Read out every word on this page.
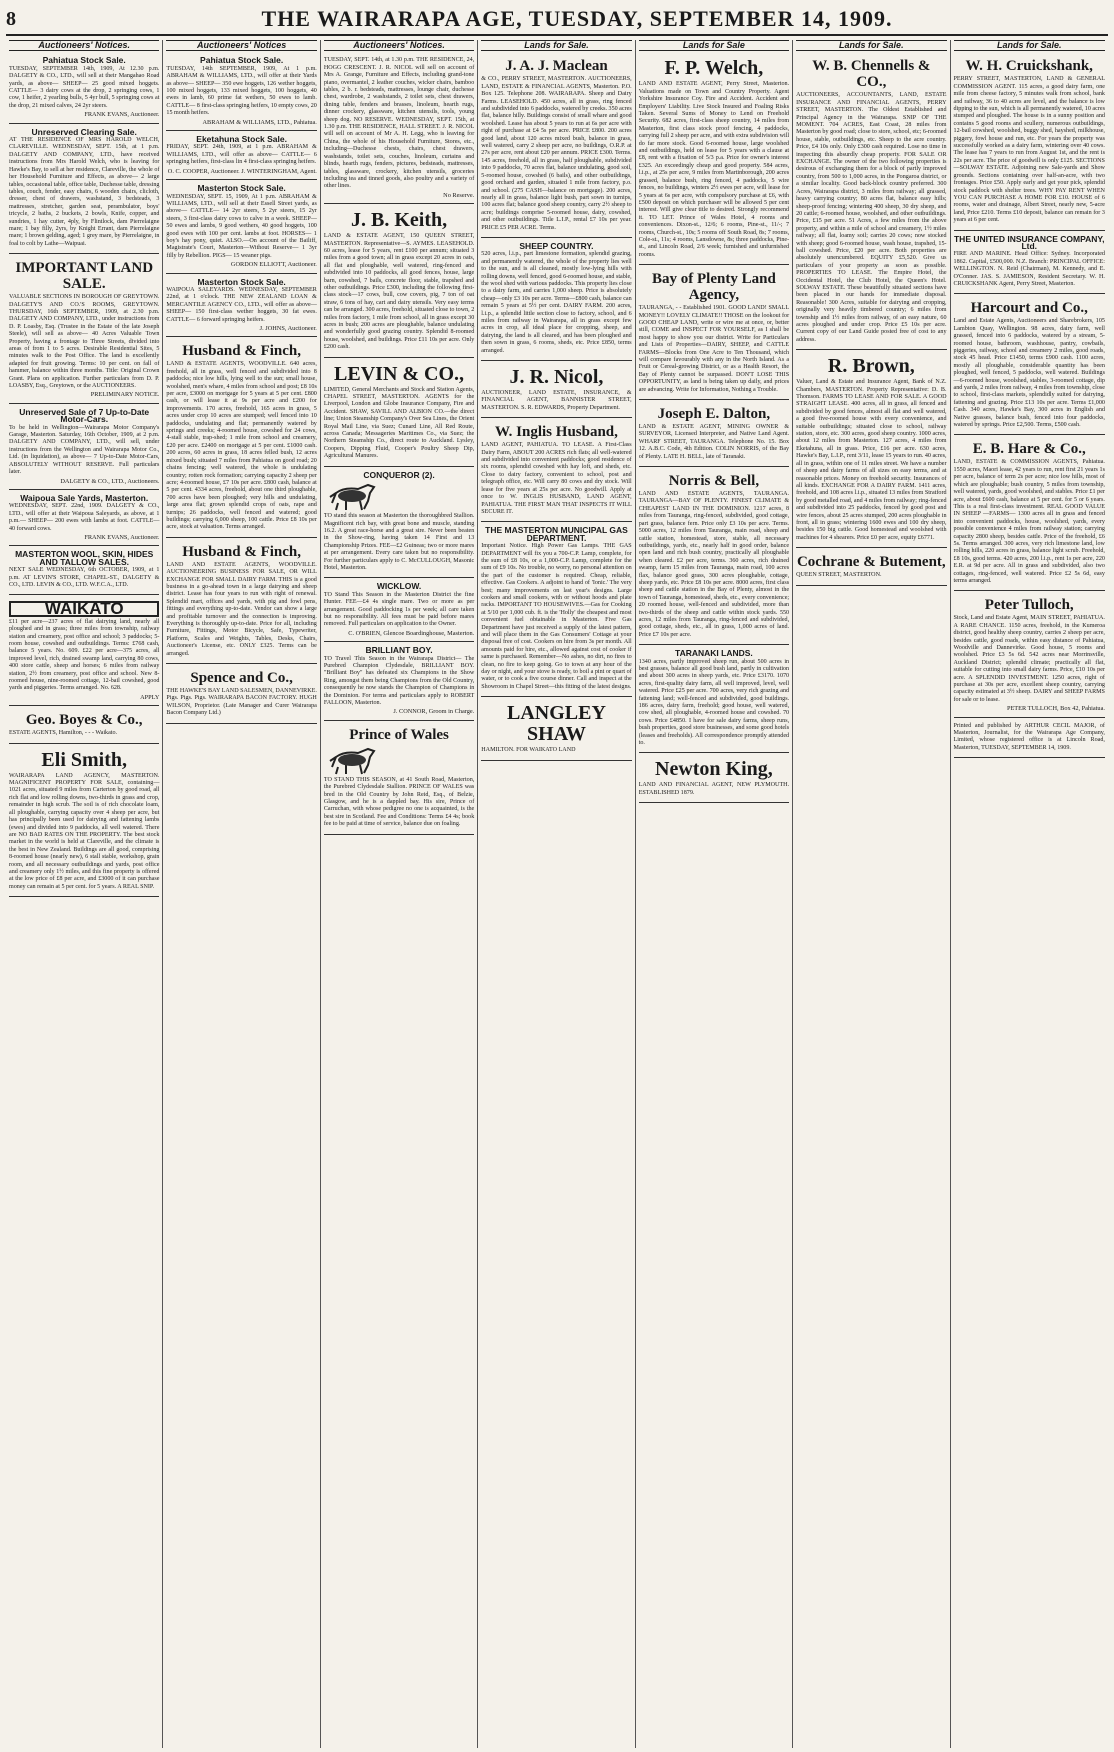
8	THE WAIRARAPA AGE, TUESDAY, SEPTEMBER 14, 1909.
Auctioneers' Notices.
Pahiatua Stock Sale.

TUESDAY, SEPTEMBER 14th, 1909, At 12.30 p.m. DALGETY & CO., LTD., will sell at their Mangahao Road yards, as above— SHEEP— 25 good mixed hoggets. CATTLE— 3 dairy cows at the drop, 2 springing cows, 1 cow, 1 heifer, 2 yearling bulls, 5 4yr bull, 5 springing cows at the drop, 21 mixed calves, 24 2yr steers.

FRANK EVANS, Auctioneer.
Unreserved Clearing Sale.

AT THE RESIDENCE OF MRS HAROLD WELCH, CLAREVILLE. WEDNESDAY, SEPT. 15th, at 1 p.m. DALGETY AND COMPANY, LTD., have received instructions from Mrs Harold Welch, who is leaving for Hawke's Bay, to sell at her residence, Clareville, the whole of her Household Furniture and Effects, as above— 2 large tables, occasional table, office table, Duchesse table, dressing tables, couch, fender, easy chairs, 6 wooden chairs, clicloth, dresser, chest of drawers, washstand, 3 bedsteads, 3 mattresses, stretcher, garden seat, perambulator, boys' tricycle, 2 baths, 2 buckets, 2 bowls, Knife, copper, and sundries, 1 hay cutter, 4ply, by Flintlock, dam Pierrelaigne mare; 1 bay filly, 2yrs, by Knight Errant, dam Pierrelaigne mare; 1 brown gelding, aged; 1 grey mare, by Pierrelaigne, in foal to colt by Lathe—Waipuai.

IMPORTANT LAND SALE.

VALUABLE SECTIONS IN BOROUGH OF GREYTOWN. DALGETY'S AND CO.'S ROOMS, GREYTOWN. THURSDAY, 16th SEPTEMBER, 1909, at 2.30 p.m. DALGETY AND COMPANY, LTD., under instructions from D. P. Loasby, Esq. (Trustee in the Estate of the late Joseph Steele), will sell as above— 40 Acres Valuable Town Property, having a frontage to Three Streets, divided into areas of from 1 to 5 acres. Desirable Residential Sites, 5 minutes walk to the Post Office. The land is excellently adapted for fruit growing. Terms: 10 per cent. on fall of hammer, balance within three months. Title: Original Crown Grant. Plans on application. Further particulars from D. P. LOASBY, Esq., Greytown, or the AUCTIONEERS.

PRELIMINARY NOTICE.
Unreserved Sale of 7 Up-to-Date Motor-Cars.

To be held in Wellington—Wairarapa Motor Company's Garage, Masterton. Saturday, 16th October, 1909, at 2 p.m. DALGETY AND COMPANY, LTD., will sell, under instructions from the Wellington and Wairarapa Motor Co., Ltd. (in liquidation), as above— 7 Up-to-Date Motor-Cars, ABSOLUTELY WITHOUT RESERVE. Full particulars later.

DALGETY & CO., LTD., Auctioneers.
Waipoua Sale Yards, Masterton.

WEDNESDAY, SEPT. 22nd, 1909. DALGETY & CO., LTD., will offer at their Waipoua Saleyards, as above, at 1 p.m.— SHEEP— 200 ewes with lambs at foot. CATTLE— 40 forward cows.

FRANK EVANS, Auctioneer.
MASTERTON WOOL, SKIN, HIDES AND TALLOW SALES.

NEXT SALE WEDNESDAY, 6th OCTOBER, 1909, at 1 p.m. AT LEVIN'S STORE, CHAPEL-ST., DALGETY & CO., LTD. LEVIN & CO., LTD. W.F.C.A., LTD.

WAIKATO

£11 per acre—237 acres of flat dairying land, nearly all ploughed and in grass; three miles from township, railway station and creamery, post office and school; 3 paddocks; 5-room house, cowshed and outbuildings. Terms: £768 cash, balance 5 years. No. 609. £22 per acre—375 acres, all improved level, rich, drained swamp land, carrying 80 cows, 400 store cattle, sheep and horses; 6 miles from railway station, 2½ from creamery, post office and school. New 8-roomed house, nine-roomed cottage, 12-bail cowshed, good yards and piggeries. Terms arranged. No. 628.

APPLY
Geo. Boyes & Co.,

ESTATE AGENTS, Hamilton, - - - Waikato.

Eli Smith,

WAIRARAPA LAND AGENCY, MASTERTON. MAGNIFICENT PROPERTY FOR SALE, containing— 1021 acres, situated 9 miles from Carterton by good road, all rich flat and low rolling downs, two-thirds in grass and crop, remainder in high scrub. The soil is of rich chocolate loam, all ploughable, carrying capacity over 4 sheep per acre, but has principally been used for dairying and fattening lambs (ewes) and divided into 9 paddocks, all well watered. There are NO BAD RATES ON THE PROPERTY. The best stock market in the world is held at Clareville, and the climate is the best in New Zealand. Buildings are all good, comprising 8-roomed house (nearly new), 6 stall stable, workshop, grain room, and all necessary outbuildings and yards, post office and creamery only 1½ miles, and this fine property is offered at the low price of £8 per acre, and £3000 of it can purchase money can remain at 5 per cent. for 5 years. A REAL SNIP.

Auctioneers' Notices
Pahiatua Stock Sale.

TUESDAY, 14th SEPTEMBER, 1909, At 1 p.m. ABRAHAM & WILLIAMS, LTD., will offer at their Yards as above— SHEEP— 350 ewe hoggets, 126 wether hoggets, 100 mixed hoggets, 133 mixed hoggets, 100 hoggets, 40 ewes in lamb, 60 prime fat wethers, 50 ewes to lamb. CATTLE— 8 first-class springing heifers, 10 empty cows, 20 15 month heifers.

ABRAHAM & WILLIAMS, LTD., Pahiatua.
Eketahuna Stock Sale.

FRIDAY, SEPT. 24th, 1909, at 1 p.m. ABRAHAM & WILLIAMS, LTD., will offer as above— CATTLE— 6 springing heifers, first-class lin 4 first-class springing heifers.

O. C. COOPER, Auctioneer. J. WINTERINGHAM, Agent.
Masterton Stock Sale.

WEDNESDAY, SEPT. 15, 1909, At 1 p.m. ABRAHAM & WILLIAMS, LTD., will sell at their Essell Street yards, as above— CATTLE— 14 2yr steers, 5 2yr steers, 15 2yr steers, 3 first-class dairy cows to calve in a week. SHEEP— 50 ewes and lambs, 9 good wethers, 40 good hoggets, 100 good ewes with 100 per cent. lambs at foot. HORSES— 1 boy's hay pony, quiet. ALSO.—On account of the Bailiff, Magistrate's Court, Masterton—Without Reserve— 1 3yr filly by Rebellion. PIGS— 15 weaner pigs.

GORDON ELLIOTT, Auctioneer.
Masterton Stock Sale.

WAIPOUA SALEYARDS. WEDNESDAY, SEPTEMBER 22nd, at 1 o'clock. THE NEW ZEALAND LOAN & MERCANTILE AGENCY CO., LTD., will offer as above— SHEEP— 150 first-class wether hoggets, 30 fat ewes. CATTLE— 6 forward springing heifers.

J. JOHNS, Auctioneer.
Husband & Finch,

LAND & ESTATE AGENTS, WOODVILLE. 640 acres, freehold, all in grass, well fenced and subdivided into 8 paddocks; nice low hills, lying well to the sun; small house, woolshed, men's whare, 4 miles from school and post; £8 10s per acre, £3000 on mortgage for 5 years at 5 per cent. £800 cash, or will lease it at 9s per acre and £200 for improvements. 170 acres, freehold, 165 acres in grass, 5 acres under crop 10 acres are stumped; well fenced into 10 paddocks, undulating and flat; permanently watered by springs and creeks; 4-roomed house, cowshed for 24 cows, 4-stall stable, trap-shed; 1 mile from school and creamery, £20 per acre. £2400 on mortgage at 5 per cent. £1000 cash. 200 acres, 60 acres in grass, 18 acres felled bush, 12 acres mixed bush; situated 7 miles from Pahiatua on good road; 20 chains fencing; well watered, the whole is undulating country; rotten rock formation; carrying capacity 2 sheep per acre; 4-roomed house, £7 10s per acre. £800 cash, balance at 5 per cent. 4334 acres, freehold, about one third ploughable, 700 acres have been ploughed; very hills and undulating, large area flat; grown splendid crops of oats, rape and turnips; 26 paddocks, well fenced and watered; good buildings; carrying 6,000 sheep, 100 cattle. Price £8 10s per acre, stock at valuation. Terms arranged.

Husband & Finch,

LAND AND ESTATE AGENTS, WOODVILLE. AUCTIONEERING BUSINESS FOR SALE, OR WILL EXCHANGE FOR SMALL DAIRY FARM. THIS is a good business in a go-ahead town in a large dairying and sheep district. Lease has four years to run with right of renewal. Splendid mart, offices and yards, with pig and fowl pens, fittings and everything up-to-date. Vendor can show a large and profitable turnover and the connection is improving. Everything is thoroughly up-to-date. Price for all, including Furniture, Fittings, Motor Bicycle, Safe, Typewriter, Platform, Scales and Weights, Tables, Desks, Chairs, Auctioneer's License, etc. ONLY £325. Terms can be arranged.

Spence and Co.,

THE HAWKE'S BAY LAND SALESMEN, DANNEVIRKE. Pigs. Pigs. Pigs. WAIRARAPA BACON FACTORY. HUGH WILSON, Proprietor. (Late Manager and Curer Wairarapa Bacon Company Ltd.)

Auctioneers' Notices.

TUESDAY, SEPT. 14th, at 1.30 p.m. THE RESIDENCE, 24, HOGG CRESCENT. J. R. NICOL will sell on account of Mrs A. Grange, Furniture and Effects, including grand-tone piano, overmantel, 2 leather couches, wicker chairs, bamboo tables, 2 b. r. bedsteads, mattresses, lounge chair, duchesse chest, wardrobe, 2 washstands, 2 toilet sets, chest drawers, dining table, fenders and brasses, linoleum, hearth rugs, dinner crockery, glassware, kitchen utensils, tools, young sheep dog. NO RESERVE. WEDNESDAY, SEPT. 15th, at 1.30 p.m. THE RESIDENCE, HALL STREET. J. R. NICOL will sell on account of Mr A. H. Legg, who is leaving for China, the whole of his Household Furniture, Stores, etc., including—Duchesse chests, chairs, chest drawers, washstands, toilet sets, couches, linoleum, curtains and blinds, hearth rugs, fenders, pictures, bedsteads, mattresses, tables, glassware, crockery, kitchen utensils, groceries including tea and tinned goods, also poultry and a variety of other lines.

No Reserve.
J. B. Keith,

LAND & ESTATE AGENT, 150 QUEEN STREET, MASTERTON. Representative—S. AYMES. LEASEHOLD. 60 acres, lease for 5 years, rent £100 per annum; situated 3 miles from a good town; all in grass except 20 acres in oats, all flat and ploughable, well watered, ring-fenced and subdivided into 10 paddocks, all good fences, house, large barn, cowshed, 7 bails, concrete floor, stable, trapshed and other outbuildings. Price £300, including the following first-class stock—17 cows, bull, cow covers, pig, 7 ton of oat straw, 6 tons of hay, cart and dairy utensils. Very easy terms can be arranged. 300 acres, freehold, situated close to town, 2 miles from factory, 1 mile from school, all in grass except 30 acres in bush; 200 acres are ploughable, balance undulating and wonderfully good grazing country. Splendid 8-roomed house, woolshed, and buildings. Price £11 10s per acre. Only £200 cash.

LEVIN & CO.,

LIMITED, General Merchants and Stock and Station Agents, CHAPEL STREET, MASTERTON. AGENTS for the Liverpool, London and Globe Insurance Company, Fire and Accident. SHAW, SAVILL AND ALBION CO.—the direct line; Union Steamship Company's Over Sea Lines, the Orient Royal Mail Line, via Suez; Cunard Line, All Red Route, across Canada; Messageries Maritimes Co., via Suez; the Northern Steamship Co., direct route to Auckland. Lysley, Coopers, Dipping Fluid, Cooper's Poultry Sheep Dip, Agricultural Manures.

CONQUEROR (2).

TO stand this season at Masterton the thoroughbred Stallion. Magnificent rich bay, with great bone and muscle, standing 16.2. A great race-horse and a great sire. Never been beaten in the Show-ring, having taken 14 First and 13 Championship Prizes. FEE—£2 Guineas; two or more mares at per arrangement. Every care taken but no responsibility. For further particulars apply to C. McCULLOUGH, Masonic Hotel, Masterton.

WICKLOW.

TO Stand This Season in the Masterton District the fine Hunter. FEE—£4 4s single mare. Two or more as per arrangement. Good paddocking 1s per week; all care taken but no responsibility. All fees must be paid before mares removed. Full particulars on application to the Owner.

C. O'BRIEN, Glencoe Boardinghouse, Masterton.
BRILLIANT BOY.

TO Travel This Season in the Wairarapa District— The Purebred Champion Clydesdale, BRILLIANT BOY. "Brilliant Boy" has defeated six Champions in the Show Ring, amongst them being Champions from the Old Country, consequently he now stands the Champion of Champions in the Dominion. For terms and particulars apply to ROBERT FALLOON, Masterton.

J. CONNOR, Groom in Charge.
Prince of Wales

TO STAND THIS SEASON, at 41 South Road, Masterton, the Purebred Clydesdale Stallion. PRINCE OF WALES was bred in the Old Country by John Reid, Esq., of Belzie, Glasgow, and he is a dappled bay. His sire, Prince of Carruchan, with whose pedigree no one is acquainted, is the best sire in Scotland. Fee and Conditions: Terms £4 4s; book fee to be paid at time of service, balance due on foaling.

Lands for Sale.
J. A. J. Maclean

& CO., PERRY STREET, MASTERTON. AUCTIONEERS, LAND, ESTATE & FINANCIAL AGENTS, Masterton. P.O. Box 125. Telephone 208. WAIRARAPA. Sheep and Dairy Farms. LEASEHOLD. 450 acres, all in grass, ring fenced and subdivided into 6 paddocks, watered by creeks. 350 acres flat, balance hilly. Buildings consist of small whare and good woolshed. Lease has about 5 years to run at 6s per acre with right of purchase at £4 5s per acre. PRICE £800. 200 acres good land, about 120 acres mixed bush, balance in grass, well watered, carry 2 sheep per acre, no buildings, O.R.P. at 27s per acre, rent about £20 per annum. PRICE £300. Terms. 145 acres, freehold, all in grass, half ploughable, subdivided into 9 paddocks, 70 acres flat, balance undulating, good soil, 5-roomed house, cowshed (6 bails), and other outbuildings, good orchard and garden, situated 1 mile from factory, p.o. and school. (275 CASH—balance on mortgage). 200 acres, nearly all in grass, balance light bush, part sown in turnips, 100 acres flat; balance good sheep country, carry 2½ sheep to acre; buildings comprise 5-roomed house, dairy, cowshed, and other outbuildings. Title L.I.P., rental £7 10s per year. PRICE £5 PER ACRE. Terms.

SHEEP COUNTRY.

520 acres, l.i.p., part limestone formation, splendid grazing, and permanently watered, the whole of the property lies well to the sun, and is all cleaned, mostly low-lying hills with rolling downs, well fenced, good 6-roomed house, and stable, the wool shed with various paddocks. This property lies close to a dairy farm, and carries 1,000 sheep. Price is absolutely cheap—only £3 10s per acre. Terms—£800 cash, balance can remain 5 years at 5½ per cent. DAIRY FARM. 200 acres, l.i.p., a splendid little section close to factory, school, and 6 miles from railway in Wairarapa, all in grass except few acres in crop, all ideal place for cropping, sheep, and dairying, the land is all cleared, and has been ploughed and then sown in grass, 6 rooms, sheds, etc. Price £850, terms arranged.

J. R. Nicol,

AUCTIONEER, LAND ESTATE, INSURANCE, & FINANCIAL AGENT, BANNISTER STREET, MASTERTON. S. R. EDWARDS, Property Department.

W. Inglis Husband,

LAND AGENT, PAHIATUA. TO LEASE. A First-Class Dairy Farm, ABOUT 200 ACRES rich flats; all well-watered and subdivided into convenient paddocks; good residence of six rooms, splendid cowshed with hay loft, and sheds, etc. Close to dairy factory, convenient to school, post and telegraph office, etc. Will carry 80 cows and dry stock. Will lease for five years at 25s per acre. No goodwill. Apply at once to W. INGLIS HUSBAND, LAND AGENT, PAHIATUA. THE FIRST MAN THAT INSPECTS IT WILL SECURE IT.

THE MASTERTON MUNICIPAL GAS DEPARTMENT.

Important Notice. High Power Gas Lamps. THE GAS DEPARTMENT will fix you a 700-C.P. Lamp, complete, for the sum of £8 10s, or a 1,000-C.P. Lamp, complete for the sum of £9 10s. No trouble, no worry, no personal attention on the part of the customer is required. Cheap, reliable, effective. Gas Cookers. A adjoint to hand of 'Ionic.' The very best; many improvements on last year's designs. Large cookers and small cookers, with or without hoods and plate racks. IMPORTANT TO HOUSEWIVES.—Gas for Cooking at 5/10 per 1,000 cub. ft. is the 'Holly' the cheapest and most convenient fuel obtainable in Masterton. Five Gas Department have just received a supply of the latest pattern, and will place them in the Gas Consumers' Cottage at your disposal free of cost. Cookers on hire from 3s per month. All amounts paid for hire, etc., allowed against cost of cooker if same is purchased. Remember—No ashes, no dirt, no fires to clean, no fire to keep going. Go to town at any hour of the day or night, and your stove is ready, to boil a pint or quart of water, or to cook a five course dinner. Call and inspect at the Showroom in Chapel Street—this fitting of the latest designs.

LANGLEY SHAW

HAMILTON. FOR WAIKATO LAND

Lands for Sale
F. P. Welch,

LAND AND ESTATE AGENT, Perry Street, Masterton. Valuations made on Town and Country Property. Agent Yorkshire Insurance Coy. Fire and Accident. Accident and Employers' Liability. Live Stock Insured and Foaling Risks Taken. Several Sums of Money to Lend on Freehold Security. 682 acres, first-class sheep country, 14 miles from Masterton, first class stock proof fencing, 4 paddocks, carrying full 2 sheep per acre, and with extra subdivision will do far more stock. Good 6-roomed house, large woolshed and outbuildings, held on lease for 5 years with a clause at £8, rent with a fixation of 5/3 p.a. Price for owner's interest £325. An exceedingly cheap and good property. 584 acres, l.i.p., at 25s per acre, 9 miles from Martinborough, 200 acres grassed, balance bush, ring fenced, 4 paddocks, 5 wire fences, no buildings, winters 2½ ewes per acre, will lease for 5 years at 6s per acre, with compulsory purchase at £6, with £500 deposit on which purchaser will be allowed 5 per cent interest. Will give clear title to desired. Strongly recommend it. TO LET. Prince of Wales Hotel, 4 rooms and conveniences. Dixon-st., 12/6; 6 rooms, Pine-st., 11/-; 7 rooms, Church-st., 10s; 5 rooms off South Road, 8s; 7 rooms, Cole-st., 11s; 4 rooms, Lansdowne, 8s; three paddocks, Pine-st., and Lincoln Road, 2/6 week; furnished and unfurnished rooms.

Bay of Plenty Land Agency,

TAURANGA, - - Established 1901. GOOD LAND! SMALL MONEY!! LOVELY CLIMATE!! THOSE on the lookout for GOOD CHEAP LAND, write or wire me at once, or, better still, COME and INSPECT FOR YOURSELF, as I shall be most happy to show you our district. Write for Particulars and Lists of Properties—DAIRY, SHEEP, and CATTLE FARMS—Blocks from One Acre to Ten Thousand, which will compare favourably with any in the North Island. As a Fruit or Cereal-growing District, or as a Health Resort, the Bay of Plenty cannot be surpassed. DON'T LOSE THIS OPPORTUNITY, as land is being taken up daily, and prices are advancing. Write for Information, Nothing a Trouble.

Joseph E. Dalton,

LAND & ESTATE AGENT, MINING OWNER & SURVEYOR, Licensed Interpreter, and Native Land Agent. WHARF STREET, TAURANGA. Telephone No. 15. Box 12. A.B.C. Code, 4th Edition. COLIN NORRIS, of the Bay of Plenty. LATE H. BELL, late of Taranaki.

Norris & Bell,

LAND AND ESTATE AGENTS, TAURANGA. TAURANGA—BAY OF PLENTY. FINEST CLIMATE & CHEAPEST LAND IN THE DOMINION. 1217 acres, 8 miles from Tauranga, ring-fenced, subdivided, good cottage, part grass, balance fern. Price only £3 10s per acre. Terms. 5000 acres, 12 miles from Tauranga, main road, sheep and cattle station, homestead, store, stable, all necessary outbuildings, yards, etc., nearly half in good order, balance open land and rich bush country, practically all ploughable when cleared. £2 per acre, terms. 360 acres, rich drained swamp, farm 15 miles from Tauranga, main road, 100 acres flax, balance good grass, 300 acres ploughable, cottage, sheep yards, etc. Price £8 10s per acre. 8000 acres, first class sheep and cattle station in the Bay of Plenty, almost in the town of Tauranga, homestead, sheds, etc., every convenience; 20 roomed house, well-fenced and subdivided, more than two-thirds of the sheep and cattle within stock yards. 550 acres, 12 miles from Tauranga, ring-fenced and subdivided, good cottage, sheds, etc., all in grass, 1,000 acres of land. Price £7 10s per acre.

TARANAKI LANDS.

1340 acres, partly improved sheep run, about 500 acres in best grasses, balance all good bush land, partly in cultivation and about 300 acres in sheep yards, etc. Price £3170. 1070 acres, first-quality dairy farm, all well improved, level, well watered. Price £25 per acre. 700 acres, very rich grazing and fattening land; well-fenced and subdivided, good buildings. 186 acres, dairy farm, freehold; good house, well watered, cow shed, all ploughable, 4-roomed house and cowshed. 70 cows. Price £4850. I have for sale dairy farms, sheep runs, bush properties, good store businesses, and some good hotels (leases and freeholds). All correspondence promptly attended to.

Newton King,

LAND AND FINANCIAL AGENT, NEW PLYMOUTH. ESTABLISHED 1879.

Lands for Sale.
W. B. Chennells & CO.,

AUCTIONEERS, ACCOUNTANTS, LAND, ESTATE INSURANCE AND FINANCIAL AGENTS, PERRY STREET, MASTERTON. The Oldest Established and Principal Agency in the Wairarapa. SNIP OF THE MOMENT. 704 ACRES, East Coast, 28 miles from Masterton by good road; close to store, school, etc; 6-roomed house, stable, outbuildings, etc. Sheep to the acre country. Price, £4 10s only. Only £300 cash required. Lose no time in inspecting this absurdly cheap property. FOR SALE OR EXCHANGE. The owner of the two following properties is desirous of exchanging them for a block of partly improved country, from 500 to 1,000 acres, in the Pongaroa district, or a similar locality. Good back-block country preferred. 300 Acres, Wairarapa district, 3 miles from railway; all grassed, heavy carrying country; 80 acres flat, balance easy hills; sheep-proof fencing; wintering 400 sheep, 30 dry sheep, and 20 cattle; 6-roomed house, woolshed, and other outbuildings. Price, £15 per acre. 51 Acres, a few miles from the above property, and within a mile of school and creamery, 1½ miles railway; all flat, loamy soil; carries 20 cows; now stocked with sheep; good 6-roomed house, wash house, trapshed, 15-ball cowshed. Price, £20 per acre. Both properties are absolutely unencumbered. EQUITY £5,520. Give us particulars of your property as soon as possible. PROPERTIES TO LEASE. The Empire Hotel, the Occidental Hotel, the Club Hotel, the Queen's Hotel. SOLWAY ESTATE. These beautifully situated sections have been placed in our hands for immediate disposal. Reasonable! 300 Acres, suitable for dairying and cropping, originally very heavily timbered country; 6 miles from township and 1½ miles from railway, of an easy nature, 60 acres ploughed and under crop. Price £5 10s per acre. Current copy of our Land Guide posted free of cost to any address.

R. Brown,

Valuer, Land & Estate and Insurance Agent, Bank of N.Z. Chambers, MASTERTON. Property Representative: D. B. Thomson. FARMS TO LEASE AND FOR SALE. A GOOD STRAIGHT LEASE. 400 acres, all in grass, all fenced and subdivided by good fences, almost all flat and well watered, a good five-roomed house with every convenience, and suitable outbuildings; situated close to school, railway station, store, etc. 300 acres, good sheep country. 1000 acres, about 12 miles from Masterton. 127 acres, 4 miles from Eketahuna, all in grass. Price, £16 per acre. 630 acres, Hawke's Bay, L.I.P., rent 3/11, lease 15 years to run. 40 acres, all in grass, within one of 11 miles street. We have a number of sheep and dairy farms of all sizes on easy terms, and at reasonable prices. Money on freehold security. Insurances of all kinds. EXCHANGE FOR A DAIRY FARM. 1411 acres, freehold, and 108 acres l.i.p., situated 13 miles from Stratford by good metalled road, and 4 miles from railway; ring-fenced and subdivided into 25 paddocks, fenced by good post and wire fences, about 25 acres stumped, 200 acres ploughable in front, all in grass; wintering 1600 ewes and 100 dry sheep, besides 150 big cattle. Good homestead and woolshed with machines for 4 shearers. Price £0 per acre, equity £6771.

Cochrane & Butement,

QUEEN STREET, MASTERTON.

Lands for Sale.
W. H. Cruickshank,

PERRY STREET, MASTERTON, LAND & GENERAL COMMISSION AGENT. 115 acres, a good dairy farm, one mile from cheese factory, 5 minutes walk from school, bank and railway, 36 to 40 acres are level, and the balance is low dipping to the sun, which is all permanently watered, 10 acres stumped and ploughed. The house is in a sunny position and contains 5 good rooms and scullery, numerous outbuildings, 12-bail cowshed, woolshed, buggy shed, hayshed, milkhouse, piggery, fowl house and run, etc. For years the property was successfully worked as a dairy farm, wintering over 40 cows. The lease has 7 years to run from August 1st, and the rent is 22s per acre. The price of goodwill is only £125. SECTIONS—SOLWAY ESTATE. Adjoining new Sale-yards and Show grounds. Sections containing over half-an-acre, with two frontages. Price £50. Apply early and get your pick, splendid stock paddock with shelter trees. WHY PAY RENT WHEN YOU CAN PURCHASE A HOME FOR £10. HOUSE of 6 rooms, water and drainage, Albert Street, nearly new, 5-acre land, Price £210. Terms £10 deposit, balance can remain for 3 years at 6 per cent.

THE UNITED INSURANCE COMPANY, Ltd.

FIRE AND MARINE. Head Office: Sydney. Incorporated 1862. Capital, £500,000. N.Z. Branch: PRINCIPAL OFFICE: WELLINGTON. N. Reid (Chairman), M. Kennedy, and E. O'Conner. JAS. S. JAMIESON, Resident Secretary. W. H. CRUICKSHANK Agent, Perry Street, Masterton.

Harcourt and Co.,

Land and Estate Agents, Auctioneers and Sharebrokers, 105 Lambton Quay, Wellington. 98 acres, dairy farm, well grassed, fenced into 6 paddocks, watered by a stream, 5-roomed house, bathroom, washhouse, pantry, cowbails, piggeries, railway, school and creamery 2 miles, good roads, stock 45 head. Price £1450, terms £900 cash. 1100 acres, mostly all ploughable, considerable quantity has been ploughed, well fenced, 5 paddocks, well watered. Buildings—6-roomed house, woolshed, stables, 3-roomed cottage, dip and yards, 2 miles from railway, 4 miles from township, close to school, first-class markets, splendidly suited for dairying, fattening and grazing. Price £13 10s per acre. Terms £1,000 Cash. 340 acres, Hawke's Bay, 300 acres in English and Native grasses, balance bush, fenced into four paddocks, watered by springs. Price £2,500. Terms, £500 cash.

E. B. Hare & Co.,

LAND, ESTATE & COMMISSION AGENTS, Pahiatua. 1550 acres, Maori lease, 42 years to run, rent first 21 years 1s per acre, balance of term 2s per acre; nice low hills, most of which are ploughable; bush country, 5 miles from township, well watered, yards, good woolshed, and stables. Price £1 per acre, about £600 cash, balance at 5 per cent. for 5 or 6 years. This is a real first-class investment. REAL GOOD VALUE IN SHEEP —FARMS— 1300 acres all in grass and fenced into convenient paddocks, house, woolshed, yards, every possible convenience 4 miles from railway station; carrying capacity 2800 sheep, besides cattle. Price of the freehold, £6 5s. Terms arranged. 300 acres, very rich limestone land, low rolling hills, 220 acres in grass, balance light scrub. Freehold, £8 10s, good terms. 420 acres, 200 l.i.p., rent 1s per acre, 220 E.R. at 9d per acre. All in grass and subdivided, also two cottages, ring-fenced, well watered. Price £2 5s 6d, easy terms arranged.

Peter Tulloch,

Stock, Land and Estate Agent, MAIN STREET, PAHIATUA. A RARE CHANCE. 1150 acres, freehold, in the Kumeroa district, good healthy sheep country, carries 2 sheep per acre, besides cattle, good roads, within easy distance of Pahiatua, Woodville and Dannevirke. Good house, 5 rooms and woolshed. Price £3 5s 6d. 542 acres near Morrinsville, Auckland District; splendid climate; practically all flat, suitable for cutting into small dairy farms. Price, £10 10s per acre. A SPLENDID INVESTMENT. 1250 acres, right of purchase at 30s per acre, excellent sheep country, carrying capacity estimated at 3½ sheep. DAIRY and SHEEP FARMS for sale or to lease.

PETER TULLOCH, Box 42, Pahiatua.

Printed and published by ARTHUR CECIL MAJOR, of Masterton, Journalist, for the Wairarapa Age Company, Limited, whose registered office is at Lincoln Road, Masterton, TUESDAY, SEPTEMBER 14, 1909.
